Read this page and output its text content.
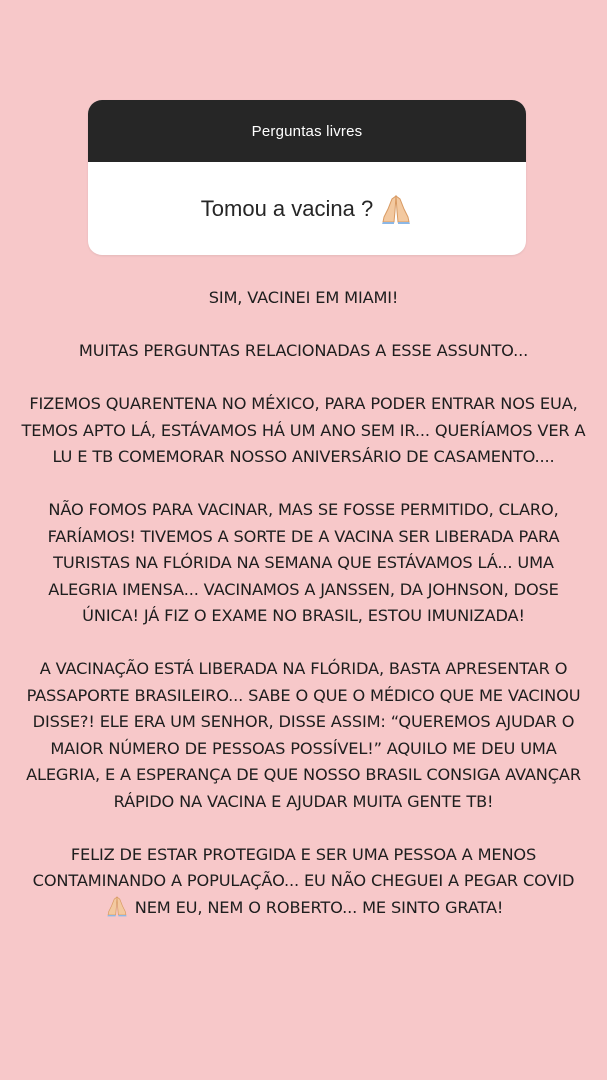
Perguntas livres
Tomou a vacina ?

SIM, VACINEI EM MIAMI!

MUITAS PERGUNTAS RELACIONADAS A ESSE ASSUNTO...

FIZEMOS QUARENTENA NO MÉXICO, PARA PODER ENTRAR NOS EUA, TEMOS APTO LÁ, ESTÁVAMOS HÁ UM ANO SEM IR... QUERÍAMOS VER A LU E TB COMEMORAR NOSSO ANIVERSÁRIO DE CASAMENTO....

NÃO FOMOS PARA VACINAR, MAS SE FOSSE PERMITIDO, CLARO, FARÍAMOS! TIVEMOS A SORTE DE A VACINA SER LIBERADA PARA TURISTAS NA FLÓRIDA NA SEMANA QUE ESTÁVAMOS LÁ... UMA ALEGRIA IMENSA... VACINAMOS A JANSSEN, DA JOHNSON, DOSE ÚNICA! JÁ FIZ O EXAME NO BRASIL, ESTOU IMUNIZADA!

A VACINAÇÃO ESTÁ LIBERADA NA FLÓRIDA, BASTA APRESENTAR O PASSAPORTE BRASILEIRO... SABE O QUE O MÉDICO QUE ME VACINOU DISSE?! ELE ERA UM SENHOR, DISSE ASSIM: “QUEREMOS AJUDAR O MAIOR NÚMERO DE PESSOAS POSSÍVEL!” AQUILO ME DEU UMA ALEGRIA, E A ESPERANÇA DE QUE NOSSO BRASIL CONSIGA AVANÇAR RÁPIDO NA VACINA E AJUDAR MUITA GENTE TB!

FELIZ DE ESTAR PROTEGIDA E SER UMA PESSOA A MENOS CONTAMINANDO A POPULAÇÃO... EU NÃO CHEGUEI A PEGAR COVID
NEM EU, NEM O ROBERTO... ME SINTO GRATA!
